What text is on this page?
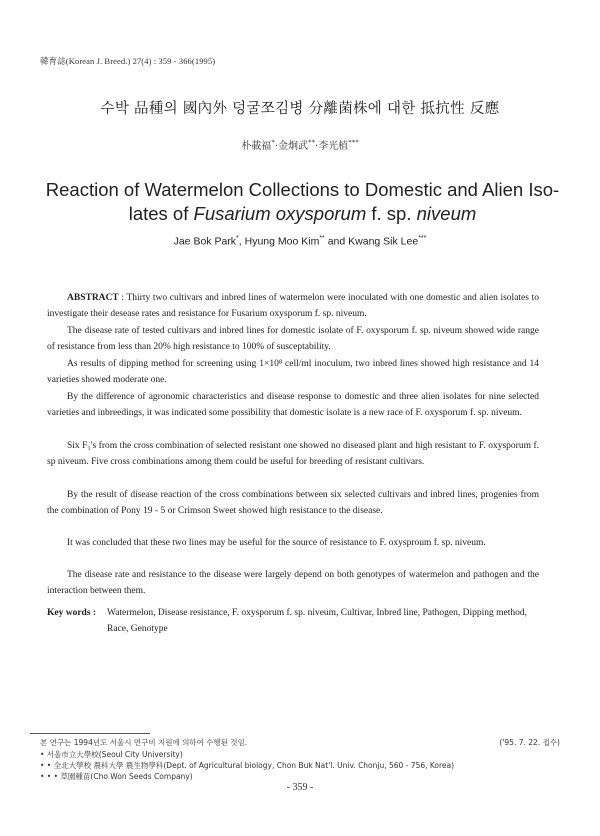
韓育誌(Korean J. Breed.) 27(4) : 359 - 366(1995)
수박 品種의 國內外 덩굴쪼김병 分離菌株에 대한 抵抗性 反應
朴載福*·金炯武**·李光植***
Reaction of Watermelon Collections to Domestic and Alien Iso-
lates of Fusarium oxysporum f. sp. niveum
Jae Bok Park*, Hyung Moo Kim** and Kwang Sik Lee***

ABSTRACT : Thirty two cultivars and inbred lines of watermelon were inoculated with one domestic and alien isolates to investigate their desease rates and resistance for Fusarium oxysporum f. sp. niveum.

The disease rate of tested cultivars and inbred lines for domestic isolate of F. oxysporum f. sp. niveum showed wide range of resistance from less than 20% high resistance to 100% of susceptability.

As results of dipping method for screening using 1×10⁸ cell/ml inoculum, two inbred lines showed high resistance and 14 varieties showed moderate one.

By the difference of agronomic characteristics and disease response to domestic and three alien isolates for nine selected varieties and inbreedings, it was indicated some possibility that domestic isolate is a new race of F. oxysporum f. sp. niveum.

Six F₁'s from the cross combination of selected resistant one showed no diseased plant and high resistant to F. oxysporum f. sp niveum. Five cross combinations among them could be useful for breeding of resistant cultivars.

By the result of disease reaction of the cross combinations between six selected cultivars and inbred lines, progenies from the combination of Pony 19 - 5 or Crimson Sweet showed high resistance to the disease.

It was concluded that these two lines may be useful for the source of resistance to F. oxysproum f. sp. niveum.

The disease rate and resistance to the disease were largely depend on both genotypes of watermelon and pathogen and the interaction between them.

Key words : Watermelon, Disease resistance, F. oxysporum f. sp. niveum, Cultivar, Inbred line, Pathogen, Dipping method, Race, Genotype
본 연구는 1994년도 서울시 연구비 지원에 의하여 수행된 것임.	('95. 7. 22. 접수)
• 서울市立大學校(Seoul City University)
• • 全北大學校 農科大學 農生物學科(Dept. of Agricultural biology, Chon Buk Nat'l. Univ. Chonju, 560 - 756, Korea)
• • • 草園種苗(Cho Won Seeds Company)
- 359 -
